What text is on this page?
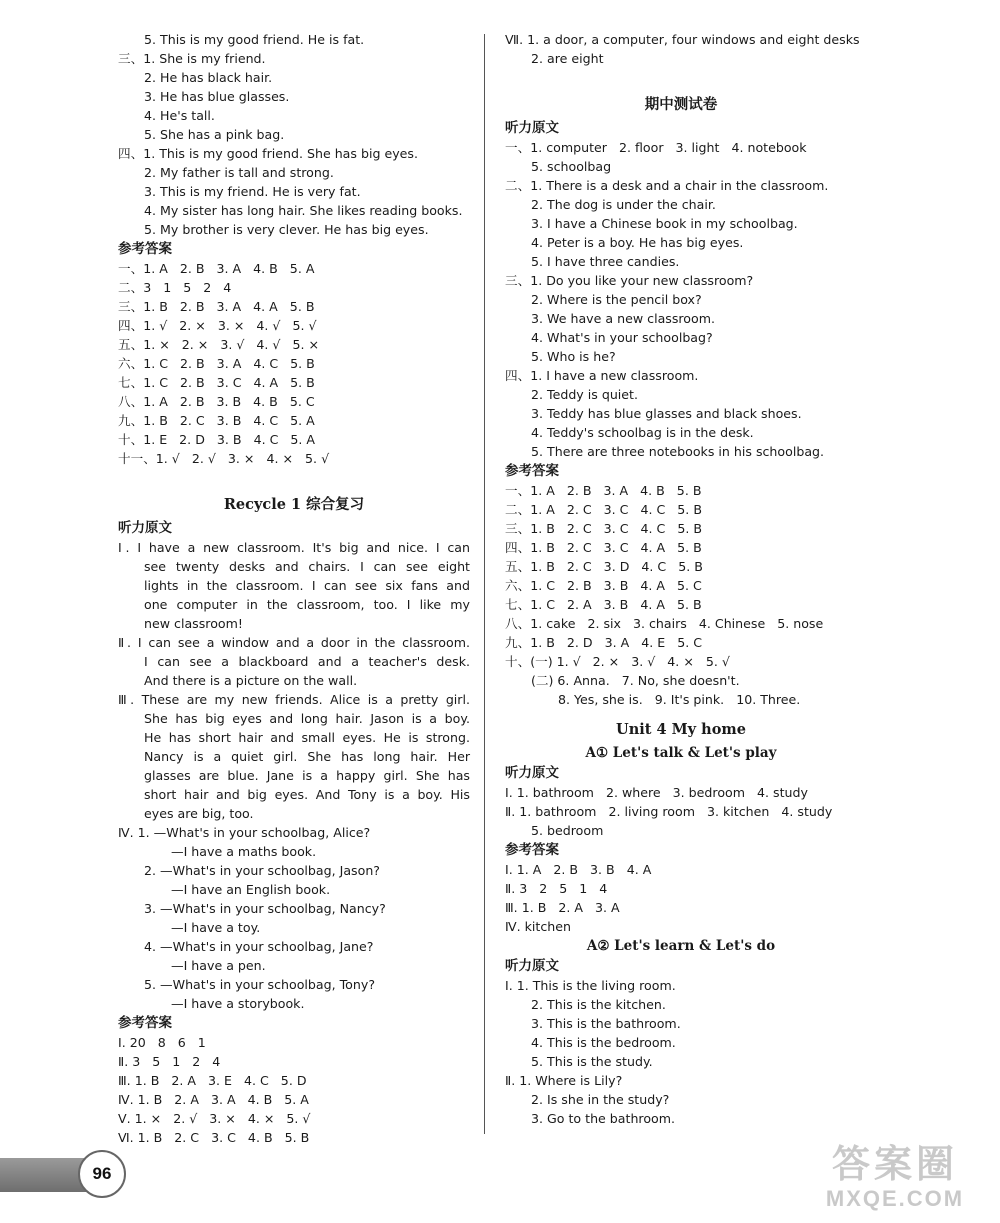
5. This is my good friend. He is fat.
三、1. She is my friend.
2. He has black hair.
3. He has blue glasses.
4. He's tall.
5. She has a pink bag.
四、1. This is my good friend. She has big eyes.
2. My father is tall and strong.
3. This is my friend. He is very fat.
4. My sister has long hair. She likes reading books.
5. My brother is very clever. He has big eyes.
参考答案
一、1. A   2. B   3. A   4. B   5. A
二、3   1   5   2   4
三、1. B   2. B   3. A   4. A   5. B
四、1. √   2. ×   3. ×   4. √   5. √
五、1. ×   2. ×   3. √   4. √   5. ×
六、1. C   2. B   3. A   4. C   5. B
七、1. C   2. B   3. C   4. A   5. B
八、1. A   2. B   3. B   4. B   5. C
九、1. B   2. C   3. B   4. C   5. A
十、1. E   2. D   3. B   4. C   5. A
十一、1. √   2. √   3. ×   4. ×   5. √
Recycle 1 综合复习
听力原文
Ⅰ. I have a new classroom. It's big and nice. I can
see twenty desks and chairs. I can see eight
lights in the classroom. I can see six fans and
one computer in the classroom, too. I like my
new classroom!
Ⅱ. I can see a window and a door in the classroom.
I can see a blackboard and a teacher's desk.
And there is a picture on the wall.
Ⅲ. These are my new friends. Alice is a pretty girl.
She has big eyes and long hair. Jason is a boy.
He has short hair and small eyes. He is strong.
Nancy is a quiet girl. She has long hair. Her
glasses are blue. Jane is a happy girl. She has
short hair and big eyes. And Tony is a boy. His
eyes are big, too.
Ⅳ. 1. —What's in your schoolbag, Alice?
—I have a maths book.
2. —What's in your schoolbag, Jason?
—I have an English book.
3. —What's in your schoolbag, Nancy?
—I have a toy.
4. —What's in your schoolbag, Jane?
—I have a pen.
5. —What's in your schoolbag, Tony?
—I have a storybook.
参考答案
Ⅰ. 20   8   6   1
Ⅱ. 3   5   1   2   4
Ⅲ. 1. B   2. A   3. E   4. C   5. D
Ⅳ. 1. B   2. A   3. A   4. B   5. A
Ⅴ. 1. ×   2. √   3. ×   4. ×   5. √
Ⅵ. 1. B   2. C   3. C   4. B   5. B
Ⅶ. 1. a door, a computer, four windows and eight desks
2. are eight
期中测试卷
听力原文
一、1. computer   2. floor   3. light   4. notebook
5. schoolbag
二、1. There is a desk and a chair in the classroom.
2. The dog is under the chair.
3. I have a Chinese book in my schoolbag.
4. Peter is a boy. He has big eyes.
5. I have three candies.
三、1. Do you like your new classroom?
2. Where is the pencil box?
3. We have a new classroom.
4. What's in your schoolbag?
5. Who is he?
四、1. I have a new classroom.
2. Teddy is quiet.
3. Teddy has blue glasses and black shoes.
4. Teddy's schoolbag is in the desk.
5. There are three notebooks in his schoolbag.
参考答案
一、1. A   2. B   3. A   4. B   5. B
二、1. A   2. C   3. C   4. C   5. B
三、1. B   2. C   3. C   4. C   5. B
四、1. B   2. C   3. C   4. A   5. B
五、1. B   2. C   3. D   4. C   5. B
六、1. C   2. B   3. B   4. A   5. C
七、1. C   2. A   3. B   4. A   5. B
八、1. cake   2. six   3. chairs   4. Chinese   5. nose
九、1. B   2. D   3. A   4. E   5. C
十、(一) 1. √   2. ×   3. √   4. ×   5. √
(二) 6. Anna.   7. No, she doesn't.
8. Yes, she is.   9. It's pink.   10. Three.
Unit 4 My home
A① Let's talk & Let's play
听力原文
Ⅰ. 1. bathroom   2. where   3. bedroom   4. study
Ⅱ. 1. bathroom   2. living room   3. kitchen   4. study
5. bedroom
参考答案
Ⅰ. 1. A   2. B   3. B   4. A
Ⅱ. 3   2   5   1   4
Ⅲ. 1. B   2. A   3. A
Ⅳ. kitchen
A② Let's learn & Let's do
听力原文
Ⅰ. 1. This is the living room.
2. This is the kitchen.
3. This is the bathroom.
4. This is the bedroom.
5. This is the study.
Ⅱ. 1. Where is Lily?
2. Is she in the study?
3. Go to the bathroom.
96	答案圈
MXQE.COM
